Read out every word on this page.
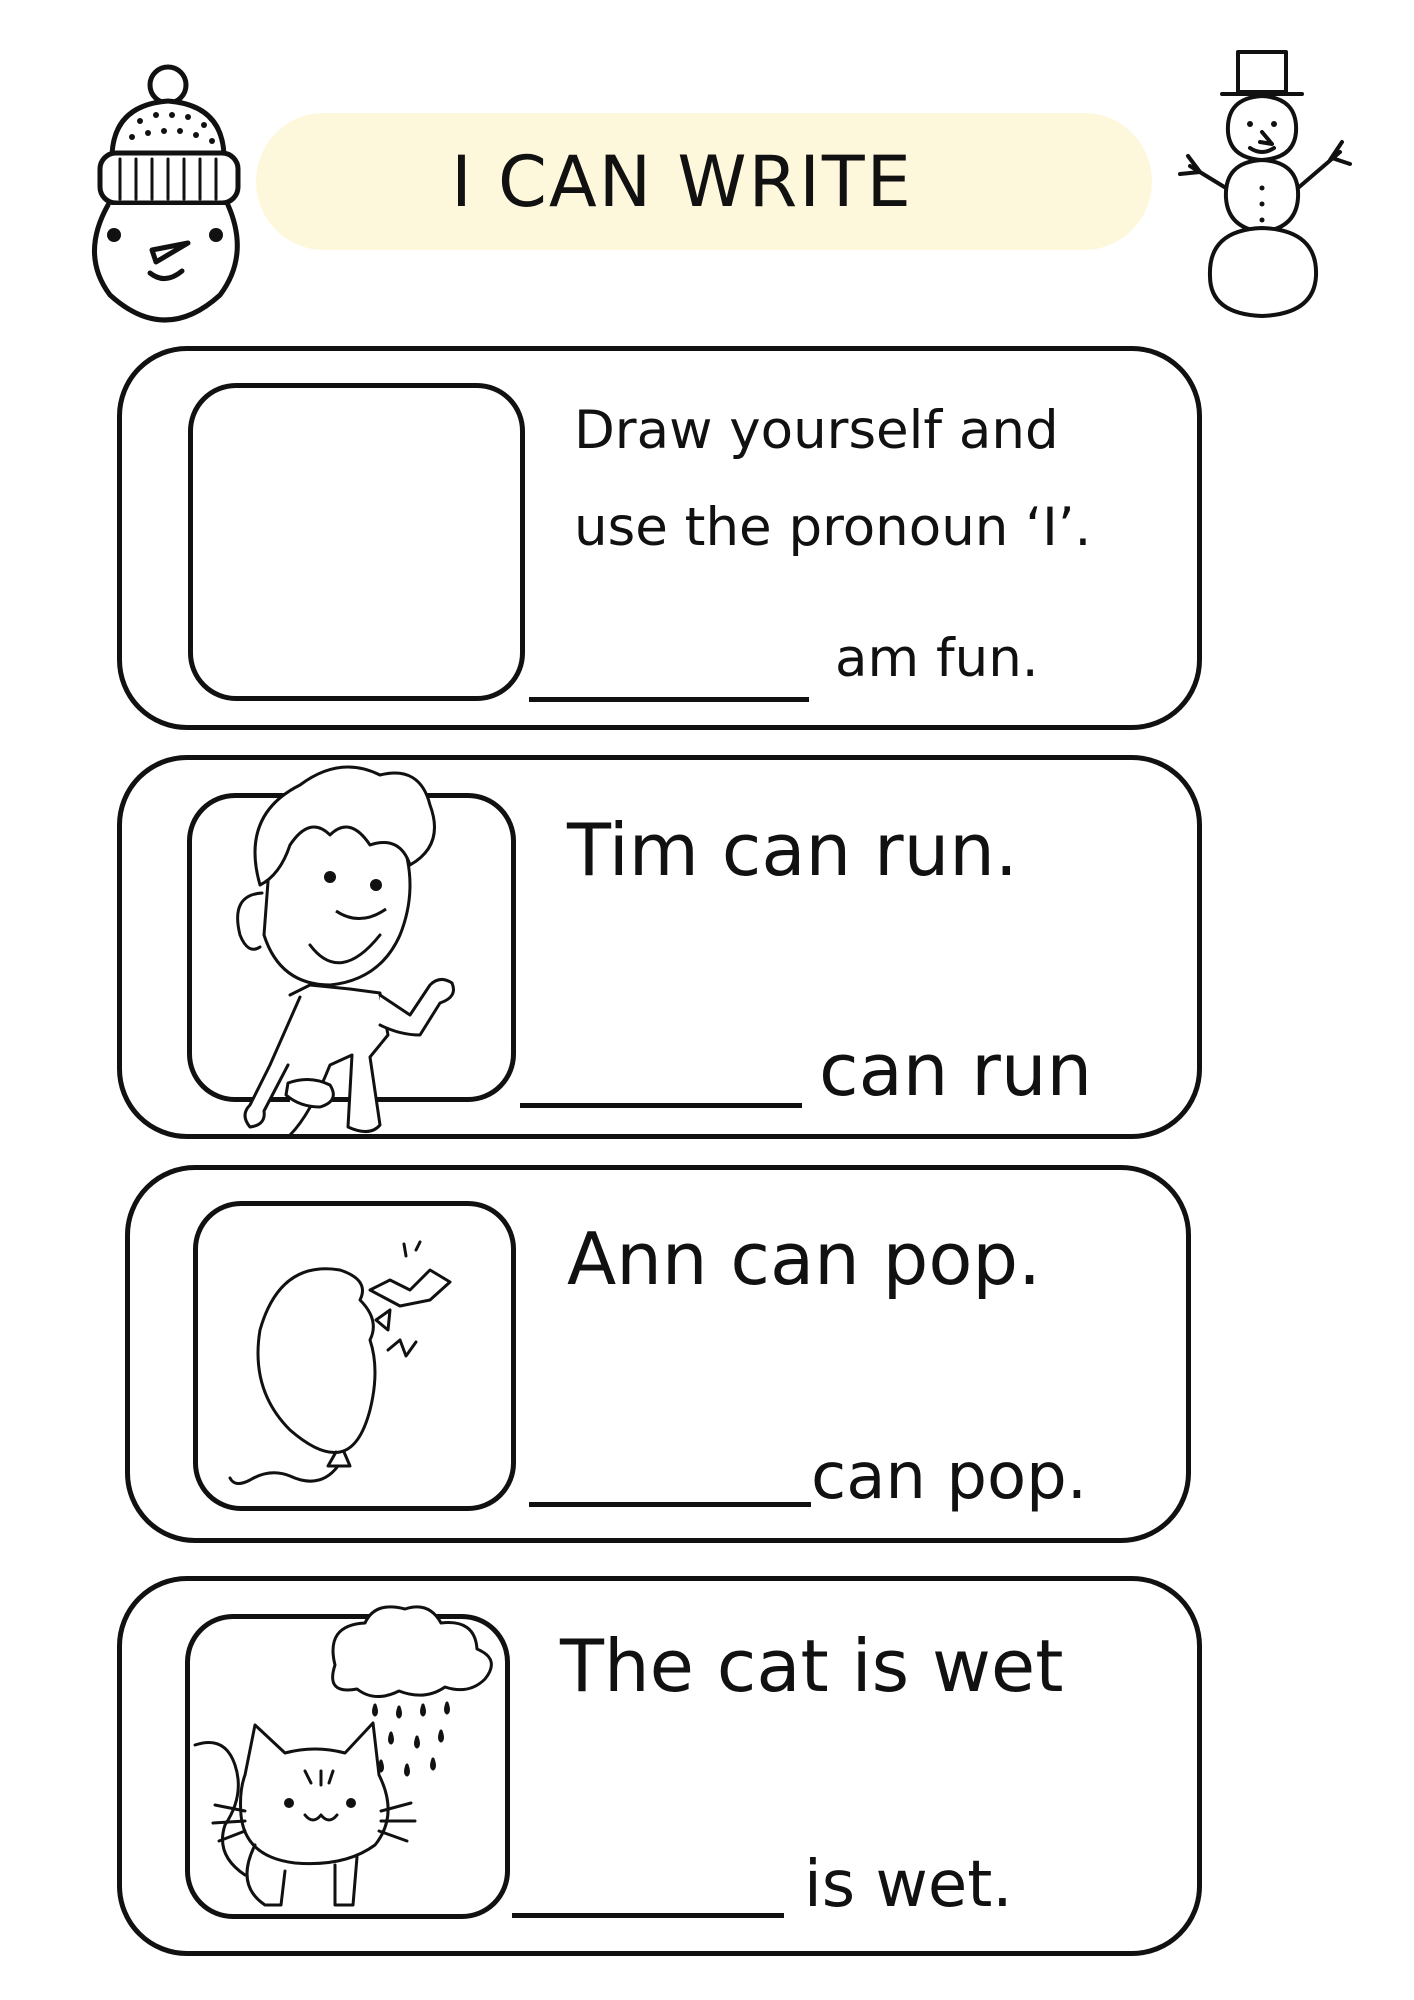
I CAN WRITE
Draw yourself and
use the pronoun ‘I’.
am fun.
Tim can run.
can run
Ann can pop.
can pop.
The cat is wet
is wet.
